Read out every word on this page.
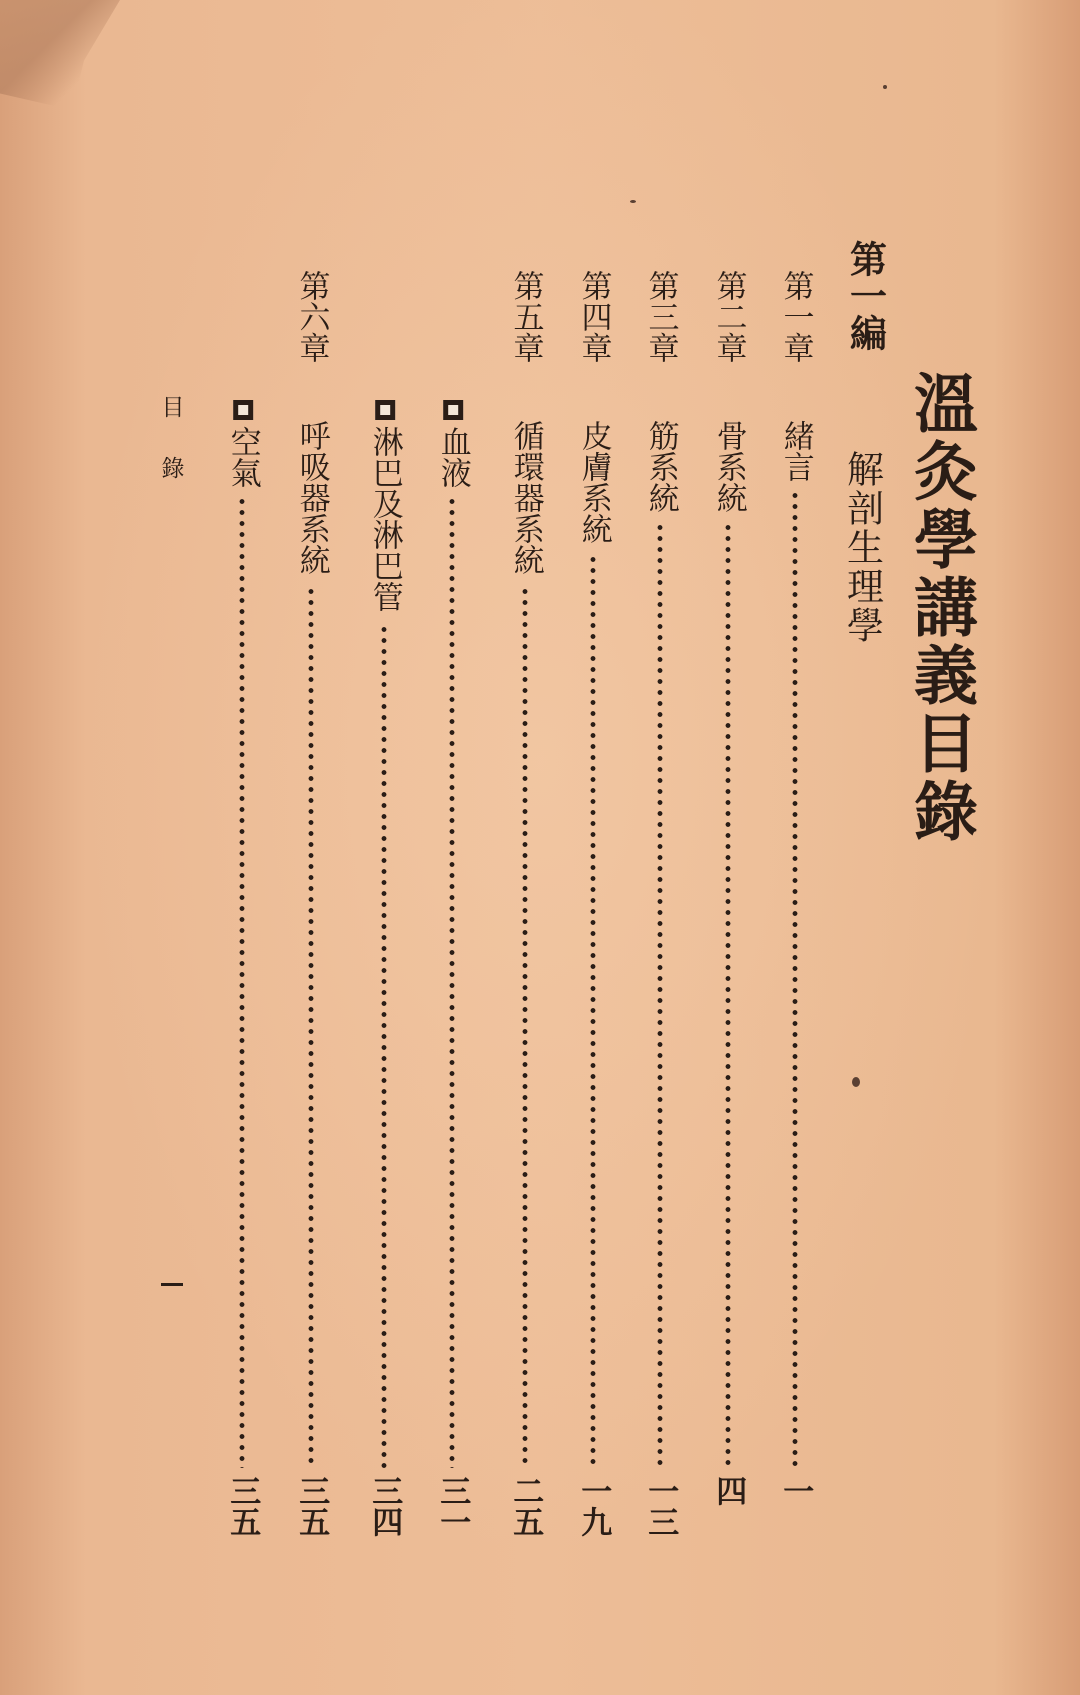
溫灸學講義目錄
第一編
解剖生理學
第一章
緒言
一
第二章
骨系統
四
第三章
筋系統
一三
第四章
皮膚系統
一九
第五章
循環器系統
二五
血液
三一
淋巴及淋巴管
三四
第六章
呼吸器系統
三五
空氣
三五
目錄
